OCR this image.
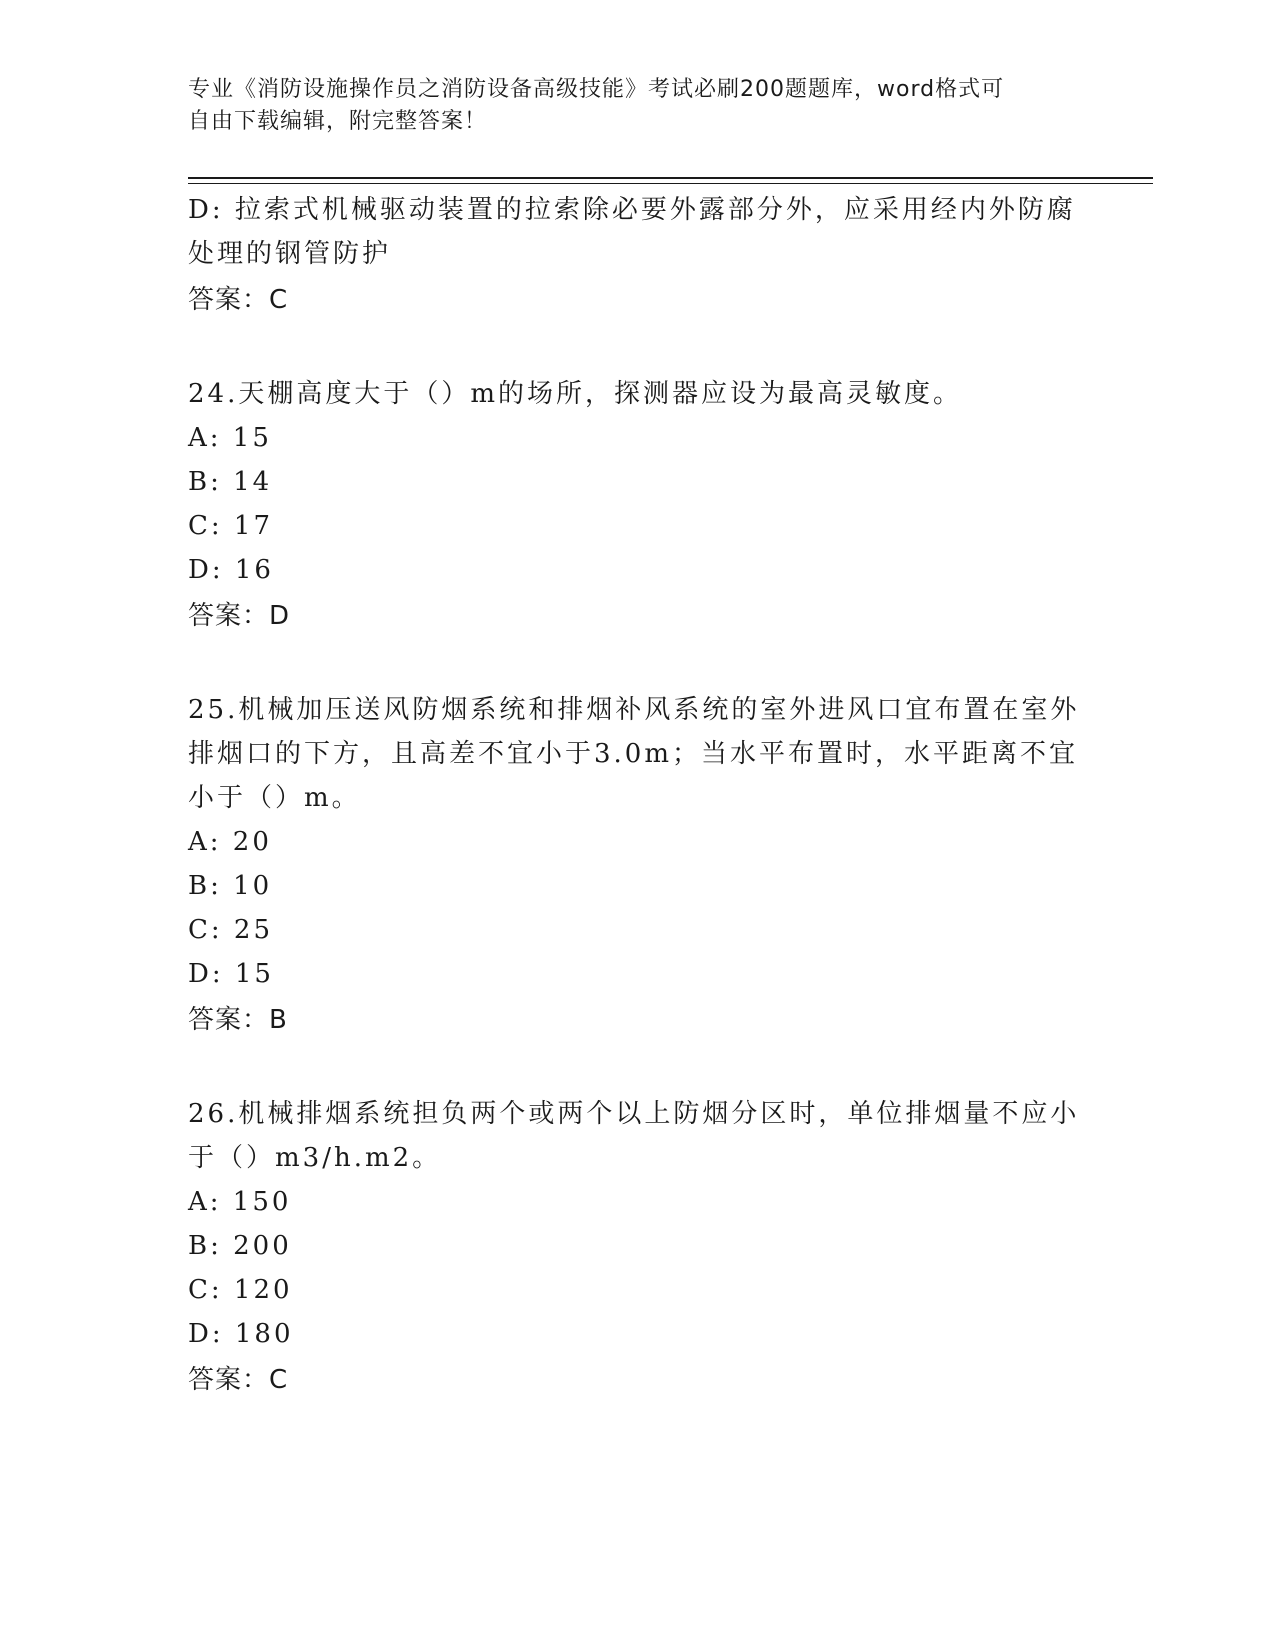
专业《消防设施操作员之消防设备高级技能》考试必刷200题题库，word格式可
自由下载编辑，附完整答案！
D: 拉索式机械驱动装置的拉索除必要外露部分外，应采用经内外防腐
处理的钢管防护
答案：C
24.天棚高度大于（）m的场所，探测器应设为最高灵敏度。
A: 15
B: 14
C: 17
D: 16
答案：D
25.机械加压送风防烟系统和排烟补风系统的室外进风口宜布置在室外
排烟口的下方，且高差不宜小于3.0m；当水平布置时，水平距离不宜
小于（）m。
A: 20
B: 10
C: 25
D: 15
答案：B
26.机械排烟系统担负两个或两个以上防烟分区时，单位排烟量不应小
于（）m3/h.m2。
A: 150
B: 200
C: 120
D: 180
答案：C
